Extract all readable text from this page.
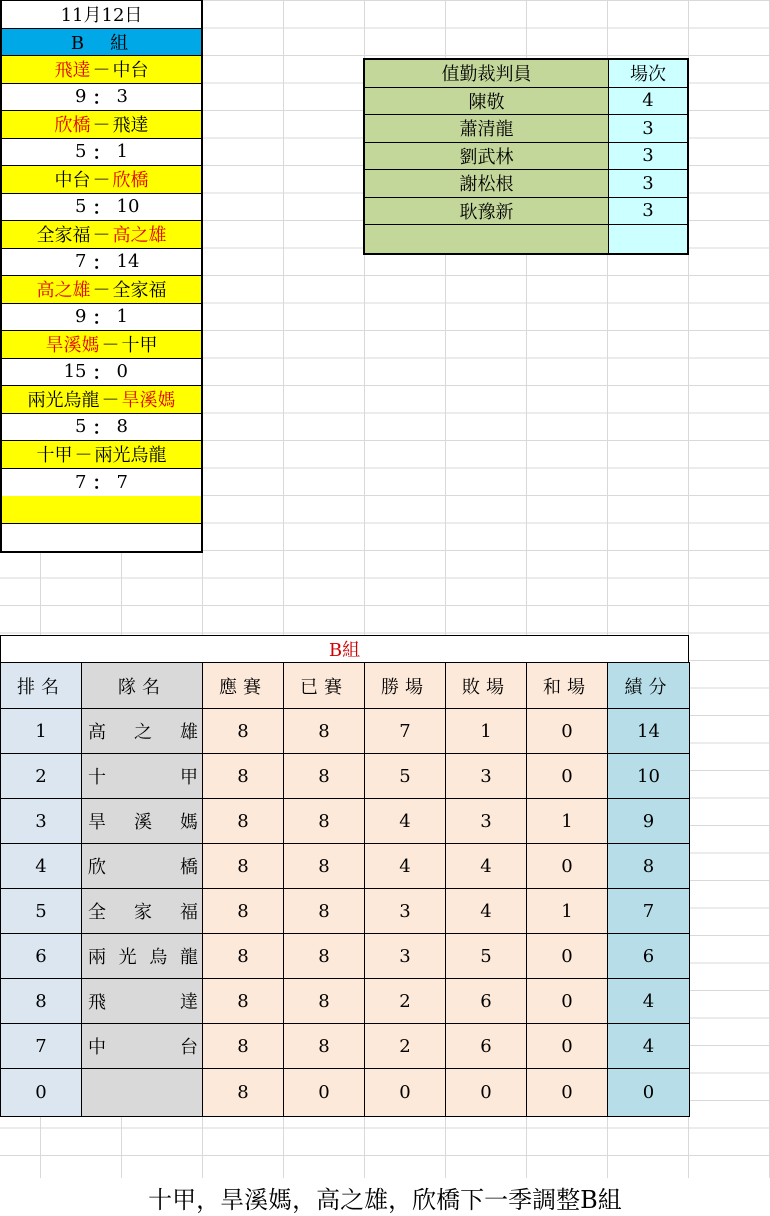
11月12日
B　組
飛達 － 中台
9 ： 3
欣橋 － 飛達
5 ： 1
中台 － 欣橋
5 ： 10
全家福 － 高之雄
7 ： 14
高之雄 － 全家福
9 ： 1
旱溪媽 － 十甲
15 ： 0
兩光烏龍 － 旱溪媽
5 ： 8
十甲 － 兩光烏龍
7 ： 7
值勤裁判員	場次
陳敬	4
蕭清龍	3
劉武林	3
謝松根	3
耿豫新	3
B組
排名	隊名	應賽	已賽	勝場	敗場	和場	績分
1	高 之 雄	8	8	7	1	0	14
2	十 甲	8	8	5	3	0	10
3	旱 溪 媽	8	8	4	3	1	9
4	欣 橋	8	8	4	4	0	8
5	全 家 福	8	8	3	4	1	7
6	兩 光 烏 龍	8	8	3	5	0	6
8	飛 達	8	8	2	6	0	4
7	中 台	8	8	2	6	0	4
0		8	0	0	0	0	0
十甲，旱溪媽，高之雄，欣橋下一季調整B組
